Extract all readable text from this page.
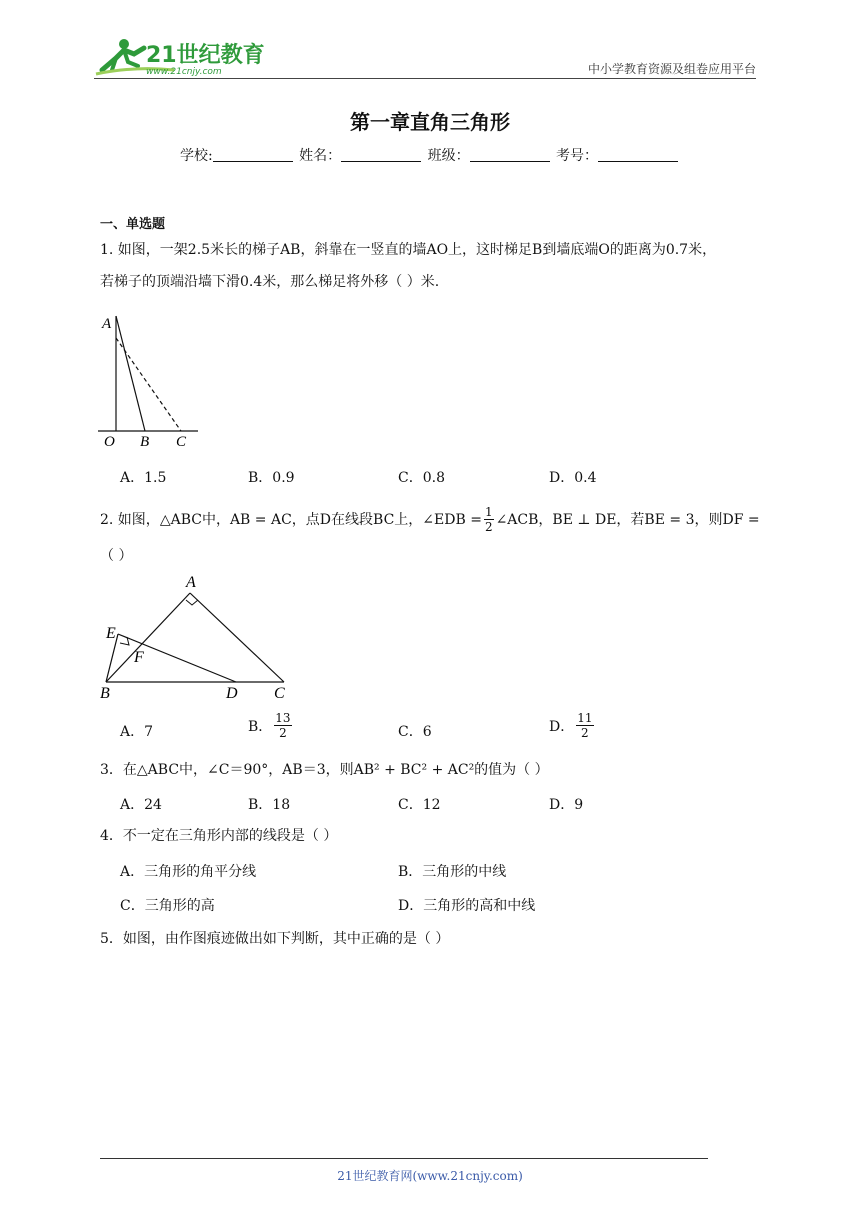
21世纪教育
www.21cnjy.com	中小学教育资源及组卷应用平台
第一章直角三角形
学校:	姓名：	班级：	考号：
一、单选题
1. 如图，一架2.5米长的梯子AB，斜靠在一竖直的墙AO上，这时梯足B到墙底端O的距离为0.7米，
若梯子的顶端沿墙下滑0.4米，那么梯足将外移（ ）米.
A
O B C
A．1.5	B．0.9	C．0.8	D．0.4
2. 如图， △ABC中，AB = AC，点D在线段BC上，∠EDB = $\frac{1}{2}$ ∠ACB，BE ⊥ DE，若BE = 3，则DF =
（ ）
A
E
F
B	D C
A．7	B． $\frac{13}{2}$	C．6	D． $\frac{11}{2}$
3．在△ABC中，∠C＝90°，AB＝3，则AB² + BC² + AC²的值为（ ）
A．24	B．18	C．12	D．9
4．不一定在三角形内部的线段是（ ）
A．三角形的角平分线	B．三角形的中线
C．三角形的高	D．三角形的高和中线
5．如图，由作图痕迹做出如下判断，其中正确的是（ ）
21世纪教育网(www.21cnjy.com)
